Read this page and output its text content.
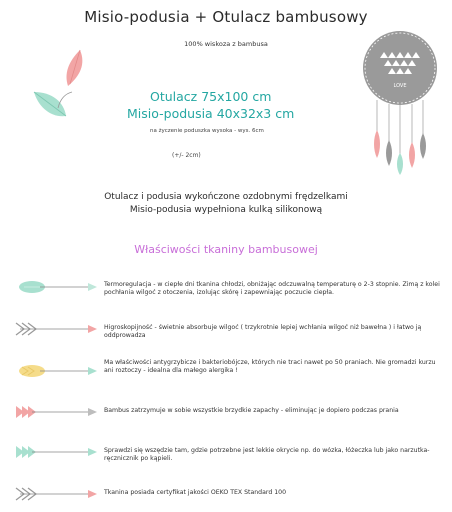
Misio-podusia + Otulacz bambusowy
100% wiskoza z bambusa
LOVE
Otulacz 75x100 cm
Misio-podusia 40x32x3 cm
na życzenie poduszka wysoka - wys. 6cm
(+/- 2cm)
Otulacz i podusia wykończone ozdobnymi frędzelkami
Misio-podusia wypełniona kulką silikonową
Właściwości tkaniny bambusowej
Termoregulacja - w ciepłe dni tkanina chłodzi, obniżając odczuwalną temperaturę o 2-3 stopnie. Zimą z kolei pochłania wilgoć z otoczenia, izolując skórę i zapewniając poczucie ciepła.
Higroskopijność - świetnie absorbuje wilgoć ( trzykrotnie lepiej wchłania wilgoć niż bawełna ) i łatwo ją oddprowadza
Ma właściwości antygrzybicze i bakteriobójcze, których nie traci nawet po 50 praniach. Nie gromadzi kurzu ani roztoczy - idealna dla małego alergika !
Bambus zatrzymuje w sobie wszystkie brzydkie zapachy - eliminując je dopiero podczas prania
Sprawdzi się wszędzie tam, gdzie potrzebne jest lekkie okrycie np. do wózka, łóżeczka lub jako narzutka-ręcznicznik po kąpieli.
Tkanina posiada certyfikat jakości OEKO TEX Standard 100
